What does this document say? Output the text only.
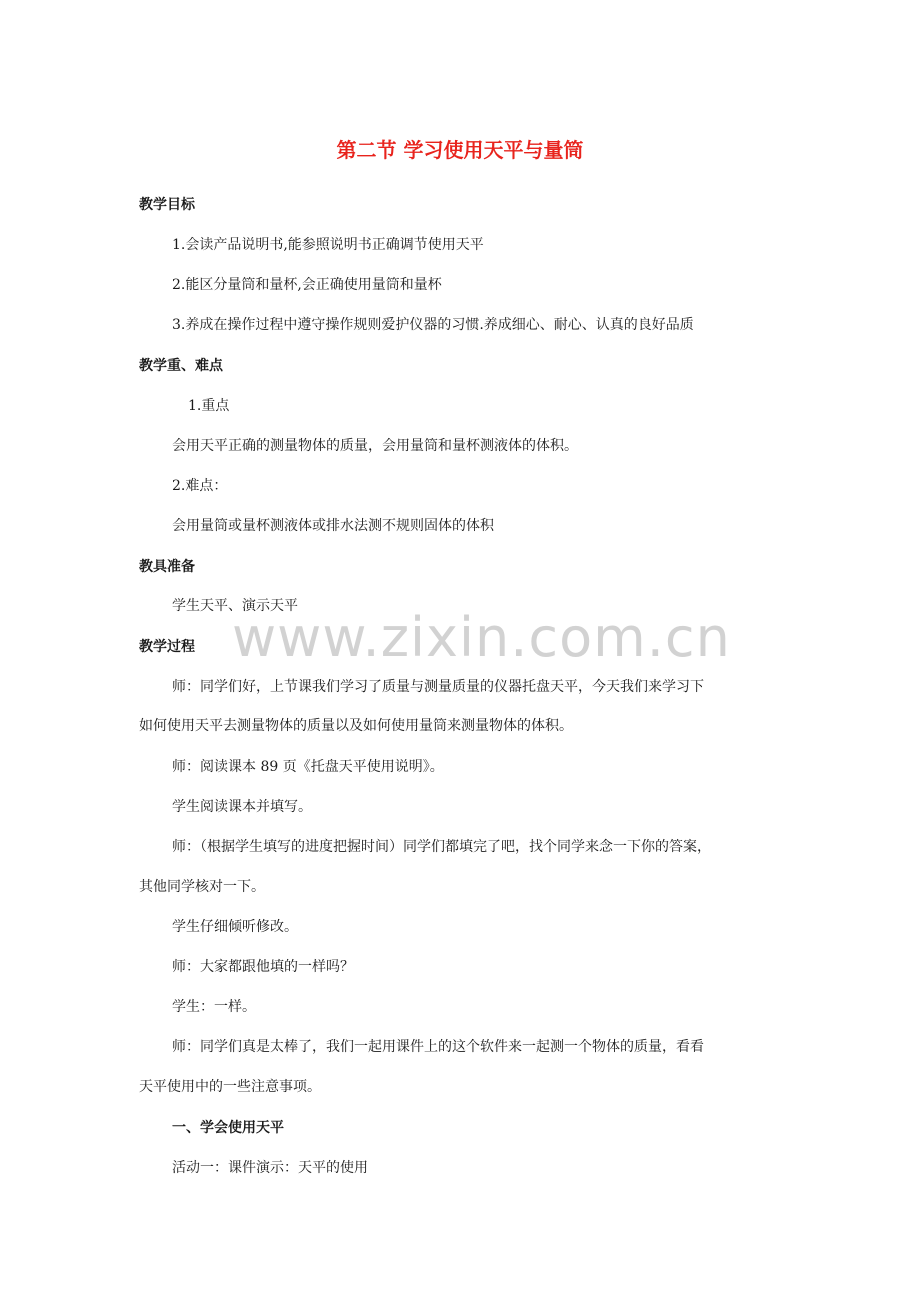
第二节 学习使用天平与量筒
www.zixin.com.cn
教学目标
1.会读产品说明书,能参照说明书正确调节使用天平
2.能区分量筒和量杯,会正确使用量筒和量杯
3.养成在操作过程中遵守操作规则爱护仪器的习惯.养成细心、耐心、认真的良好品质
教学重、难点
1.重点
会用天平正确的测量物体的质量，会用量筒和量杯测液体的体积。
2.难点：
会用量筒或量杯测液体或排水法测不规则固体的体积
教具准备
学生天平、演示天平
教学过程
师：同学们好，上节课我们学习了质量与测量质量的仪器托盘天平，今天我们来学习下
如何使用天平去测量物体的质量以及如何使用量筒来测量物体的体积。
师：阅读课本 89 页《托盘天平使用说明》。
学生阅读课本并填写。
师：（根据学生填写的进度把握时间）同学们都填完了吧，找个同学来念一下你的答案，
其他同学核对一下。
学生仔细倾听修改。
师：大家都跟他填的一样吗？
学生：一样。
师：同学们真是太棒了，我们一起用课件上的这个软件来一起测一个物体的质量，看看
天平使用中的一些注意事项。
一、学会使用天平
活动一：课件演示：天平的使用
